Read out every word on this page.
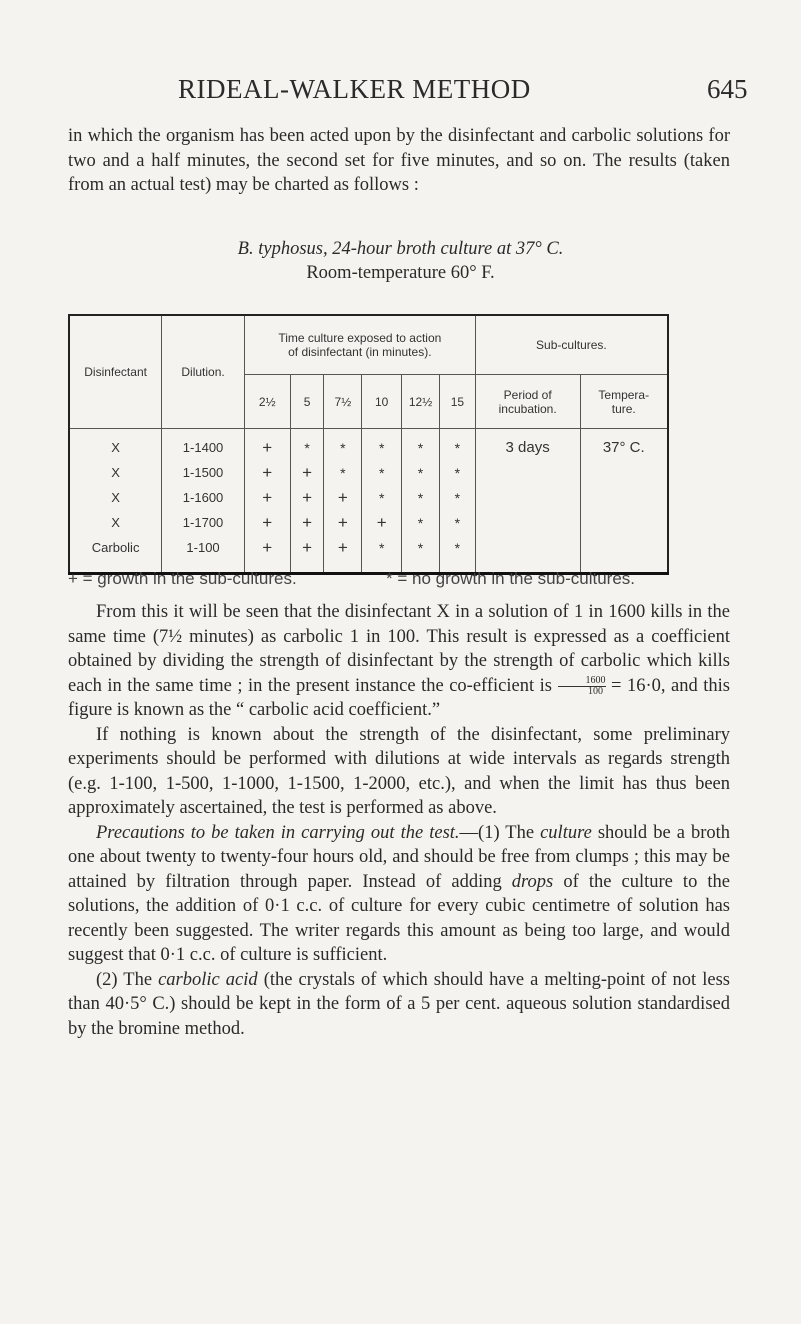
RIDEAL-WALKER METHOD	645
in which the organism has been acted upon by the disinfectant and carbolic solutions for two and a half minutes, the second set for five minutes, and so on. The results (taken from an actual test) may be charted as follows :
B. typhosus, 24-hour broth culture at 37° C.
Room-temperature 60° F.
Disinfectant	Dilution.	Time culture exposed to action of disinfectant (in minutes).						Sub-cultures.	
		2½	5	7½	10	12½	15	Period of incubation.	Tempera- ture.
X	1-1400	+	*	*	*	*	*	3 days	37° C.
X	1-1500	+	+	*	*	*	*		
X	1-1600	+	+	+	*	*	*		
X	1-1700	+	+	+	+	*	*		
Carbolic	1-100	+	+	+	*	*	*		
+ = growth in the sub-cultures.	* = no growth in the sub-cultures.

From this it will be seen that the disinfectant X in a solution of 1 in 1600 kills in the same time (7½ minutes) as carbolic 1 in 100. This result is expressed as a coefficient obtained by dividing the strength of disinfectant by the strength of carbolic which kills each in the same time ; in the present instance the co-efficient is $\frac{1600}{100} = 16\cdot 0$, and this figure is known as the “ carbolic acid coefficient.”

If nothing is known about the strength of the disinfectant, some preliminary experiments should be performed with dilutions at wide intervals as regards strength (e.g. 1-100, 1-500, 1-1000, 1-1500, 1-2000, etc.), and when the limit has thus been approximately ascertained, the test is performed as above.

Precautions to be taken in carrying out the test.—(1) The culture should be a broth one about twenty to twenty-four hours old, and should be free from clumps ; this may be attained by filtration through paper. Instead of adding drops of the culture to the solutions, the addition of 0·1 c.c. of culture for every cubic centimetre of solution has recently been suggested. The writer regards this amount as being too large, and would suggest that 0·1 c.c. of culture is sufficient.

(2) The carbolic acid (the crystals of which should have a melting-point of not less than 40·5° C.) should be kept in the form of a 5 per cent. aqueous solution standardised by the bromine method.
